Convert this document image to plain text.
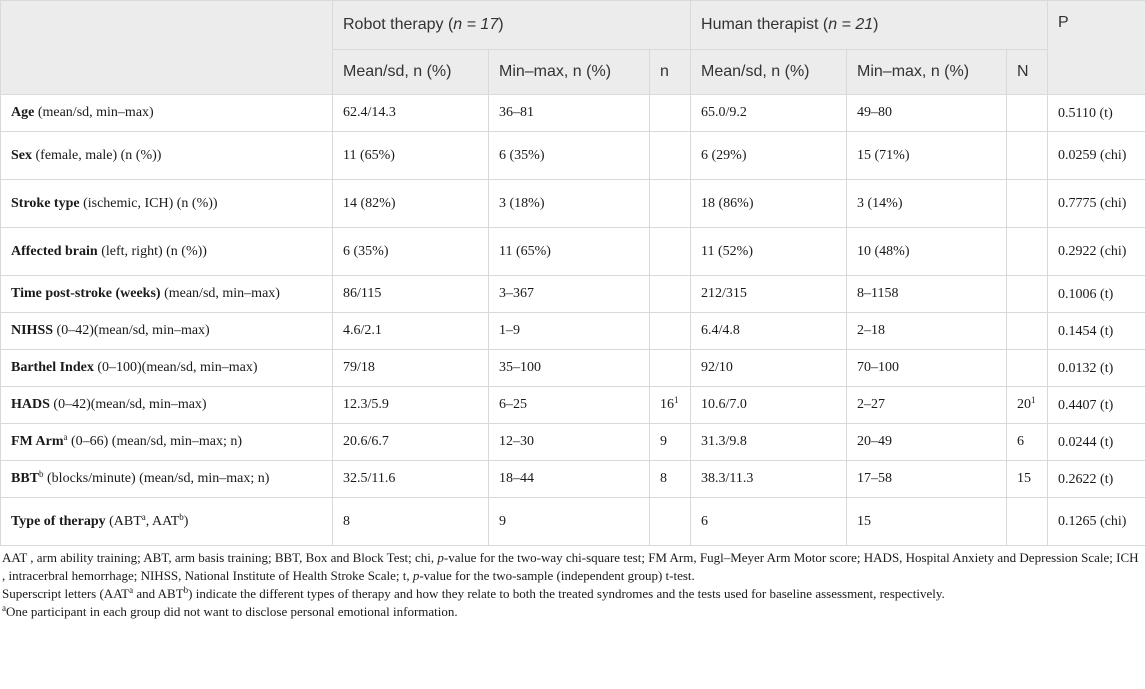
	Robot therapy (n = 17)			Human therapist (n = 21)			P
	Mean/sd, n (%)	Min–max, n (%)	n	Mean/sd, n (%)	Min–max, n (%)	N	
Age (mean/sd, min–max)	62.4/14.3	36–81		65.0/9.2	49–80		0.5110 (t)
Sex (female, male) (n (%))	11 (65%)	6 (35%)		6 (29%)	15 (71%)		0.0259 (chi)
Stroke type (ischemic, ICH) (n (%))	14 (82%)	3 (18%)		18 (86%)	3 (14%)		0.7775 (chi)
Affected brain (left, right) (n (%))	6 (35%)	11 (65%)		11 (52%)	10 (48%)		0.2922 (chi)
Time post-stroke (weeks) (mean/sd, min–max)	86/115	3–367		212/315	8–1158		0.1006 (t)
NIHSS (0–42)(mean/sd, min–max)	4.6/2.1	1–9		6.4/4.8	2–18		0.1454 (t)
Barthel Index (0–100)(mean/sd, min–max)	79/18	35–100		92/10	70–100		0.0132 (t)
HADS (0–42)(mean/sd, min–max)	12.3/5.9	6–25	$16^1$	10.6/7.0	2–27	$20^1$	0.4407 (t)
FM Arm$^a$ (0–66) (mean/sd, min–max; n)	20.6/6.7	12–30	9	31.3/9.8	20–49	6	0.0244 (t)
BBT$^b$ (blocks/minute) (mean/sd, min–max; n)	32.5/11.6	18–44	8	38.3/11.3	17–58	15	0.2622 (t)
Type of therapy (ABT$^a$, AAT$^b$)	8	9		6	15		0.1265 (chi)

AAT , arm ability training; ABT, arm basis training; BBT, Box and Block Test; chi, p-value for the two-way chi-square test; FM Arm, Fugl–Meyer Arm Motor score; HADS, Hospital Anxiety and Depression Scale; ICH , intracerbral hemorrhage; NIHSS, National Institute of Health Stroke Scale; t, p-value for the two-sample (independent group) t-test.

Superscript letters (AAT$^a$ and ABT$^b$) indicate the different types of therapy and how they relate to both the treated syndromes and the tests used for baseline assessment, respectively.

$^a$One participant in each group did not want to disclose personal emotional information.
